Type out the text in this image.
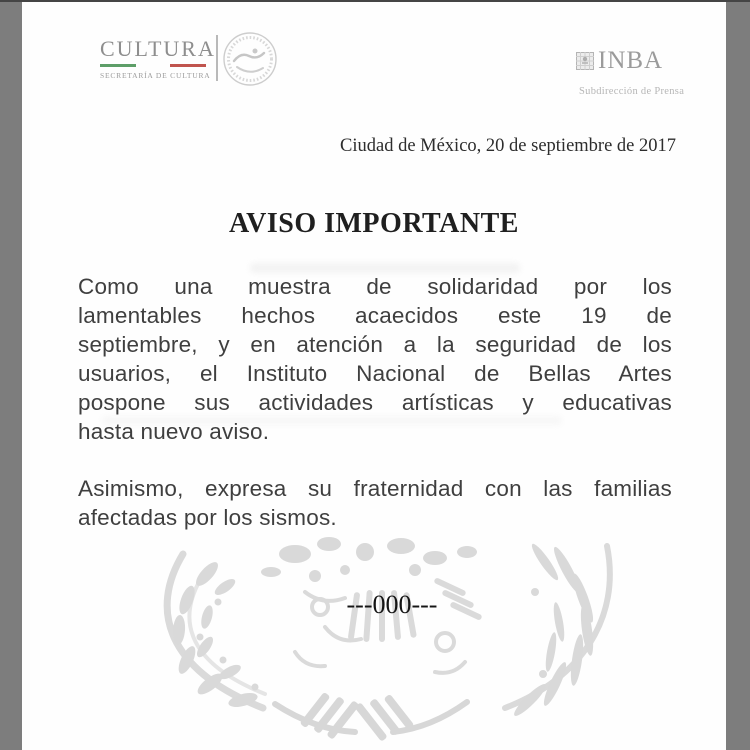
CULTURA
SECRETARÍA DE CULTURA
INBA
Subdirección de Prensa
Ciudad de México, 20 de septiembre de 2017
AVISO IMPORTANTE
Como una muestra de solidaridad por los
lamentables hechos acaecidos este 19 de
septiembre, y en atención a la seguridad de los
usuarios, el Instituto Nacional de Bellas Artes
pospone sus actividades artísticas y educativas
hasta nuevo aviso.
Asimismo, expresa su fraternidad con las familias
afectadas por los sismos.
---000---
